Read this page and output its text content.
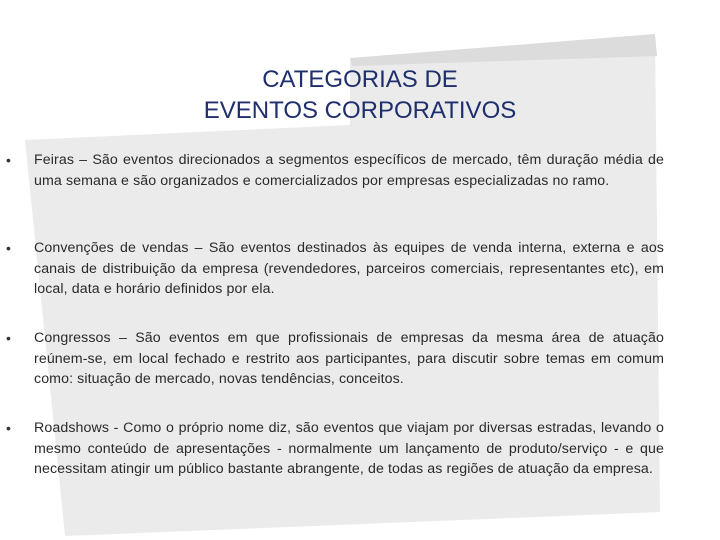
CATEGORIAS DE
EVENTOS CORPORATIVOS
• Feiras – São eventos direcionados a segmentos específicos de mercado, têm duração média de uma semana e são organizados e comercializados por empresas especializadas no ramo.

• Convenções de vendas – São eventos destinados às equipes de venda interna, externa e aos canais de distribuição da empresa (revendedores, parceiros comerciais, representantes etc), em local, data e horário definidos por ela.

• Congressos – São eventos em que profissionais de empresas da mesma área de atuação reúnem-se, em local fechado e restrito aos participantes, para discutir sobre temas em comum como: situação de mercado, novas tendências, conceitos.

• Roadshows - Como o próprio nome diz, são eventos que viajam por diversas estradas, levando o mesmo conteúdo de apresentações - normalmente um lançamento de produto/serviço - e que necessitam atingir um público bastante abrangente, de todas as regiões de atuação da empresa.
